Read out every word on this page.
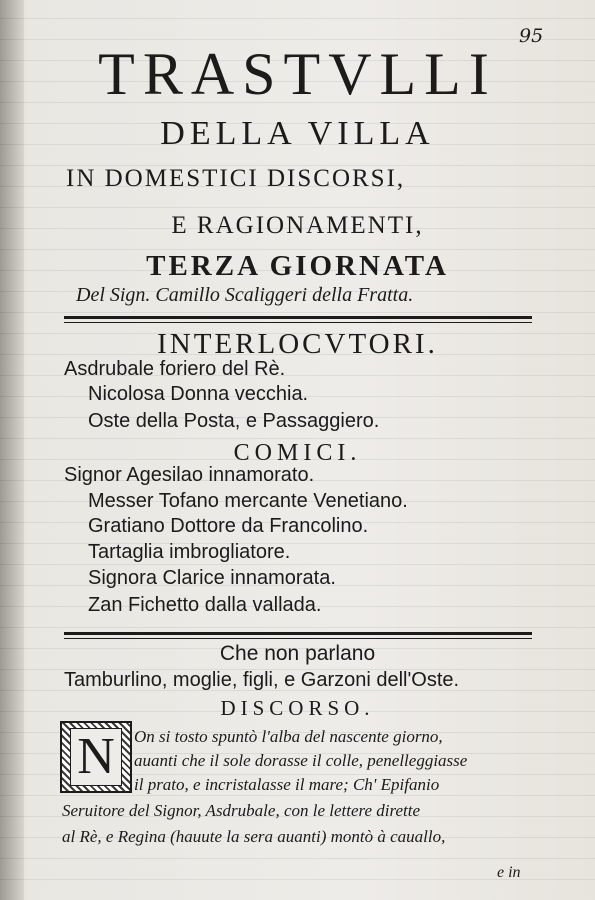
95
TRASTVLLI
DELLA VILLA
IN DOMESTICI DISCORSI,
E RAGIONAMENTI,
TERZA GIORNATA
Del Sign. Camillo Scaliggeri della Fratta.
INTERLOCVTORI.
Asdrubale foriero del Rè.
Nicolosa Donna vecchia.
Oste della Posta, e Passaggiero.
COMICI.
Signor Agesilao innamorato.
Messer Tofano mercante Venetiano.
Gratiano Dottore da Francolino.
Tartaglia imbrogliatore.
Signora Clarice innamorata.
Zan Fichetto dalla vallada.
Che non parlano
Tamburlino, moglie, figli, e Garzoni dell'Oste.
DISCORSO.
N	On si tosto spuntò l'alba del nascente giorno,
auanti che il sole dorasse il colle, penelleggiasse
il prato, e incristalasse il mare; Ch' Epifanio
Seruitore del Signor, Asdrubale, con le lettere dirette
al Rè, e Regina (hauute la sera auanti) montò à cauallo,
e in
